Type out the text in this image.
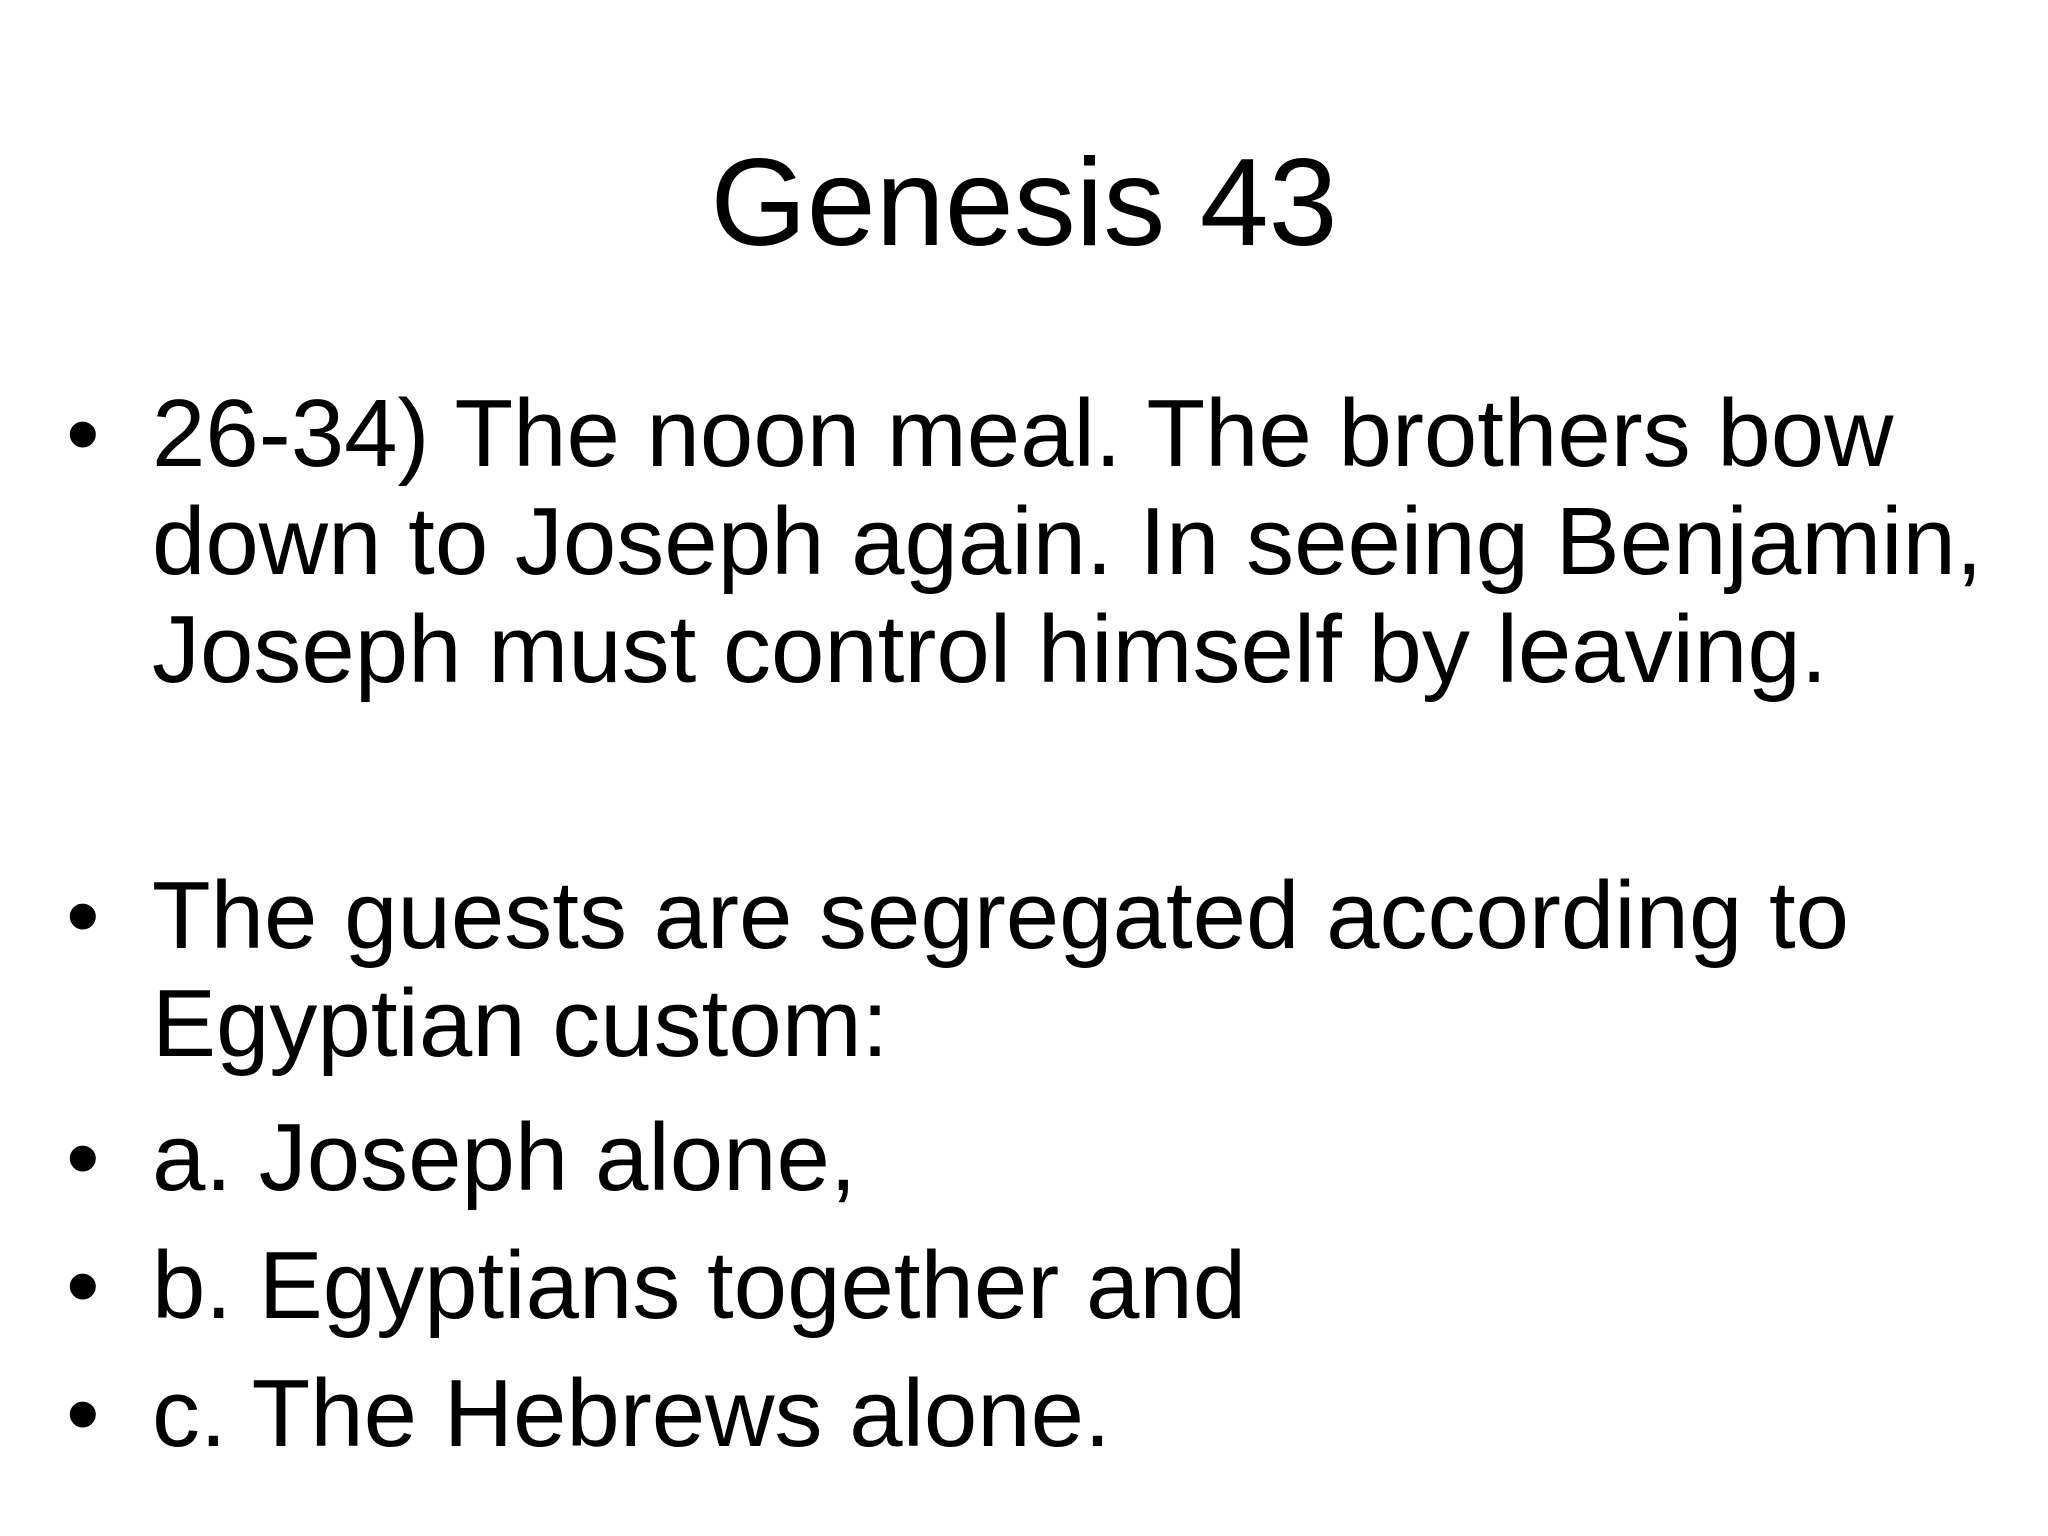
Genesis 43
• 26-34) The noon meal. The brothers bow
down to Joseph again. In seeing Benjamin,
Joseph must control himself by leaving.
• The guests are segregated according to
Egyptian custom:
• a. Joseph alone,
• b. Egyptians together and
• c. The Hebrews alone.
